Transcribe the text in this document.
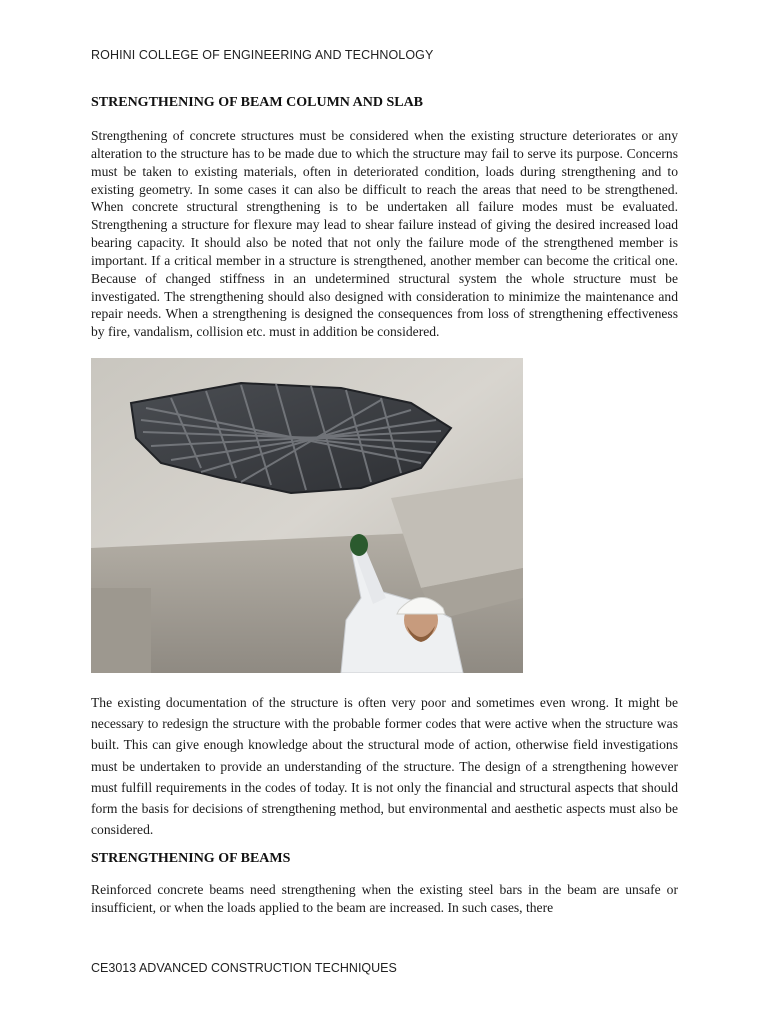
ROHINI COLLEGE OF ENGINEERING AND TECHNOLOGY
STRENGTHENING OF BEAM COLUMN AND SLAB
Strengthening of concrete structures must be considered when the existing structure deteriorates or any alteration to the structure has to be made due to which the structure may fail to serve its purpose. Concerns must be taken to existing materials, often in deteriorated condition, loads during strengthening and to existing geometry. In some cases it can also be difficult to reach the areas that need to be strengthened. When concrete structural strengthening is to be undertaken all failure modes must be evaluated. Strengthening a structure for flexure may lead to shear failure instead of giving the desired increased load bearing capacity. It should also be noted that not only the failure mode of the strengthened member is important. If a critical member in a structure is strengthened, another member can become the critical one. Because of changed stiffness in an undetermined structural system the whole structure must be investigated. The strengthening should also designed with consideration to minimize the maintenance and repair needs. When a strengthening is designed the consequences from loss of strengthening effectiveness by fire, vandalism, collision etc. must in addition be considered.
The existing documentation of the structure is often very poor and sometimes even wrong. It might be necessary to redesign the structure with the probable former codes that were active when the structure was built. This can give enough knowledge about the structural mode of action, otherwise field investigations must be undertaken to provide an understanding of the structure. The design of a strengthening however must fulfill requirements in the codes of today. It is not only the financial and structural aspects that should form the basis for decisions of strengthening method, but environmental and aesthetic aspects must also be considered.
STRENGTHENING OF BEAMS
Reinforced concrete beams need strengthening when the existing steel bars in the beam are unsafe or insufficient, or when the loads applied to the beam are increased. In such cases, there
CE3013 ADVANCED CONSTRUCTION TECHNIQUES
